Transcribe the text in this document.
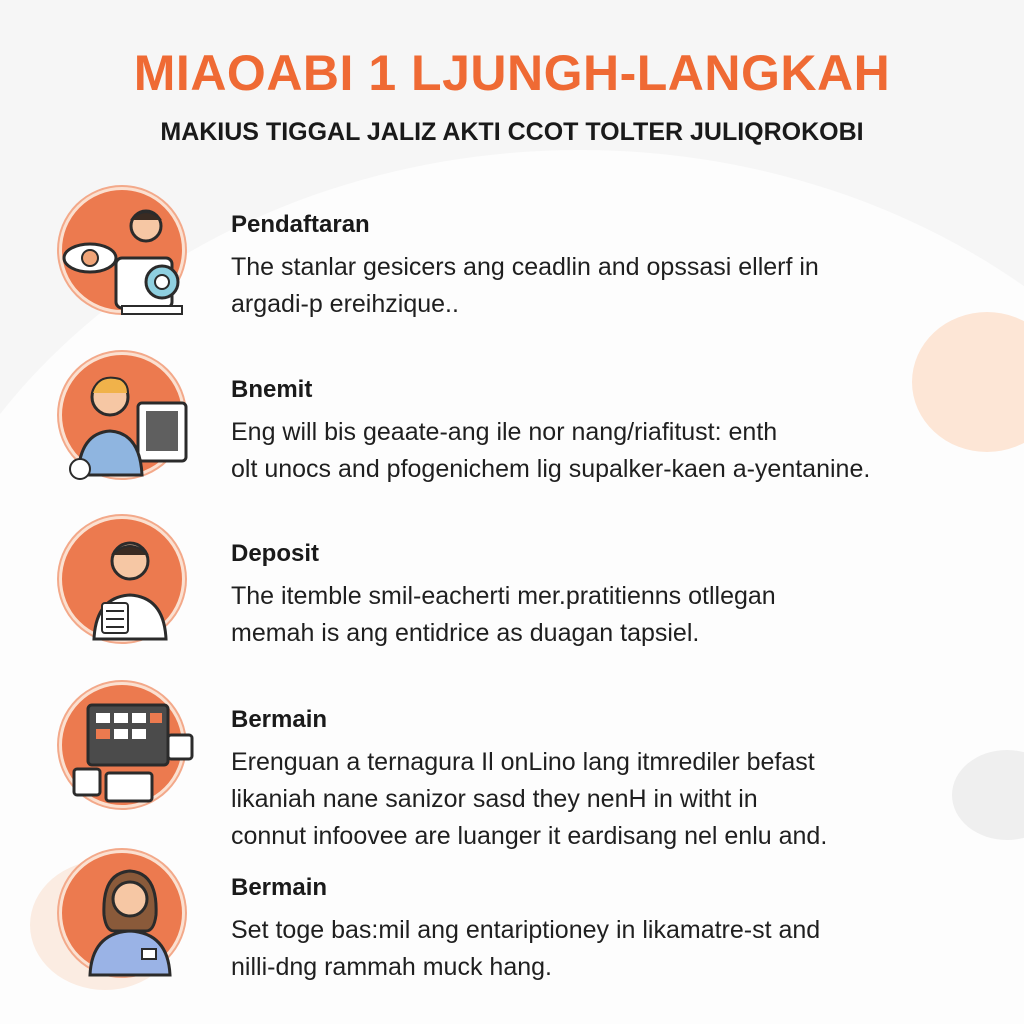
MIAOABI 1 LJUNGH-LANGKAH
MAKIUS TIGGAL JALIZ AKTI CCOT TOLTER JULIQROKOBI
Pendaftaran
The stanlar gesicers ang ceadlin and opssasi ellerf in
argadi-p ereihzique..
Bnemit
Eng will bis geaate-ang ile nor nang/riafitust: enth
olt unocs and pfogenichem lig supalker-kaen a-yentanine.
Deposit
The itemble smil-eacherti mer.pratitienns otllegan
memah is ang entidrice as duagan tapsiel.
Bermain
Erenguan a ternagura Il onLino lang itmrediler befast
likaniah nane sanizor sasd they nenH in witht in
connut infoovee are luanger it eardisang nel enlu and.
Bermain
Set toge bas:mil ang entariptioney in likamatre-st and
nilli-dng rammah muck hang.
